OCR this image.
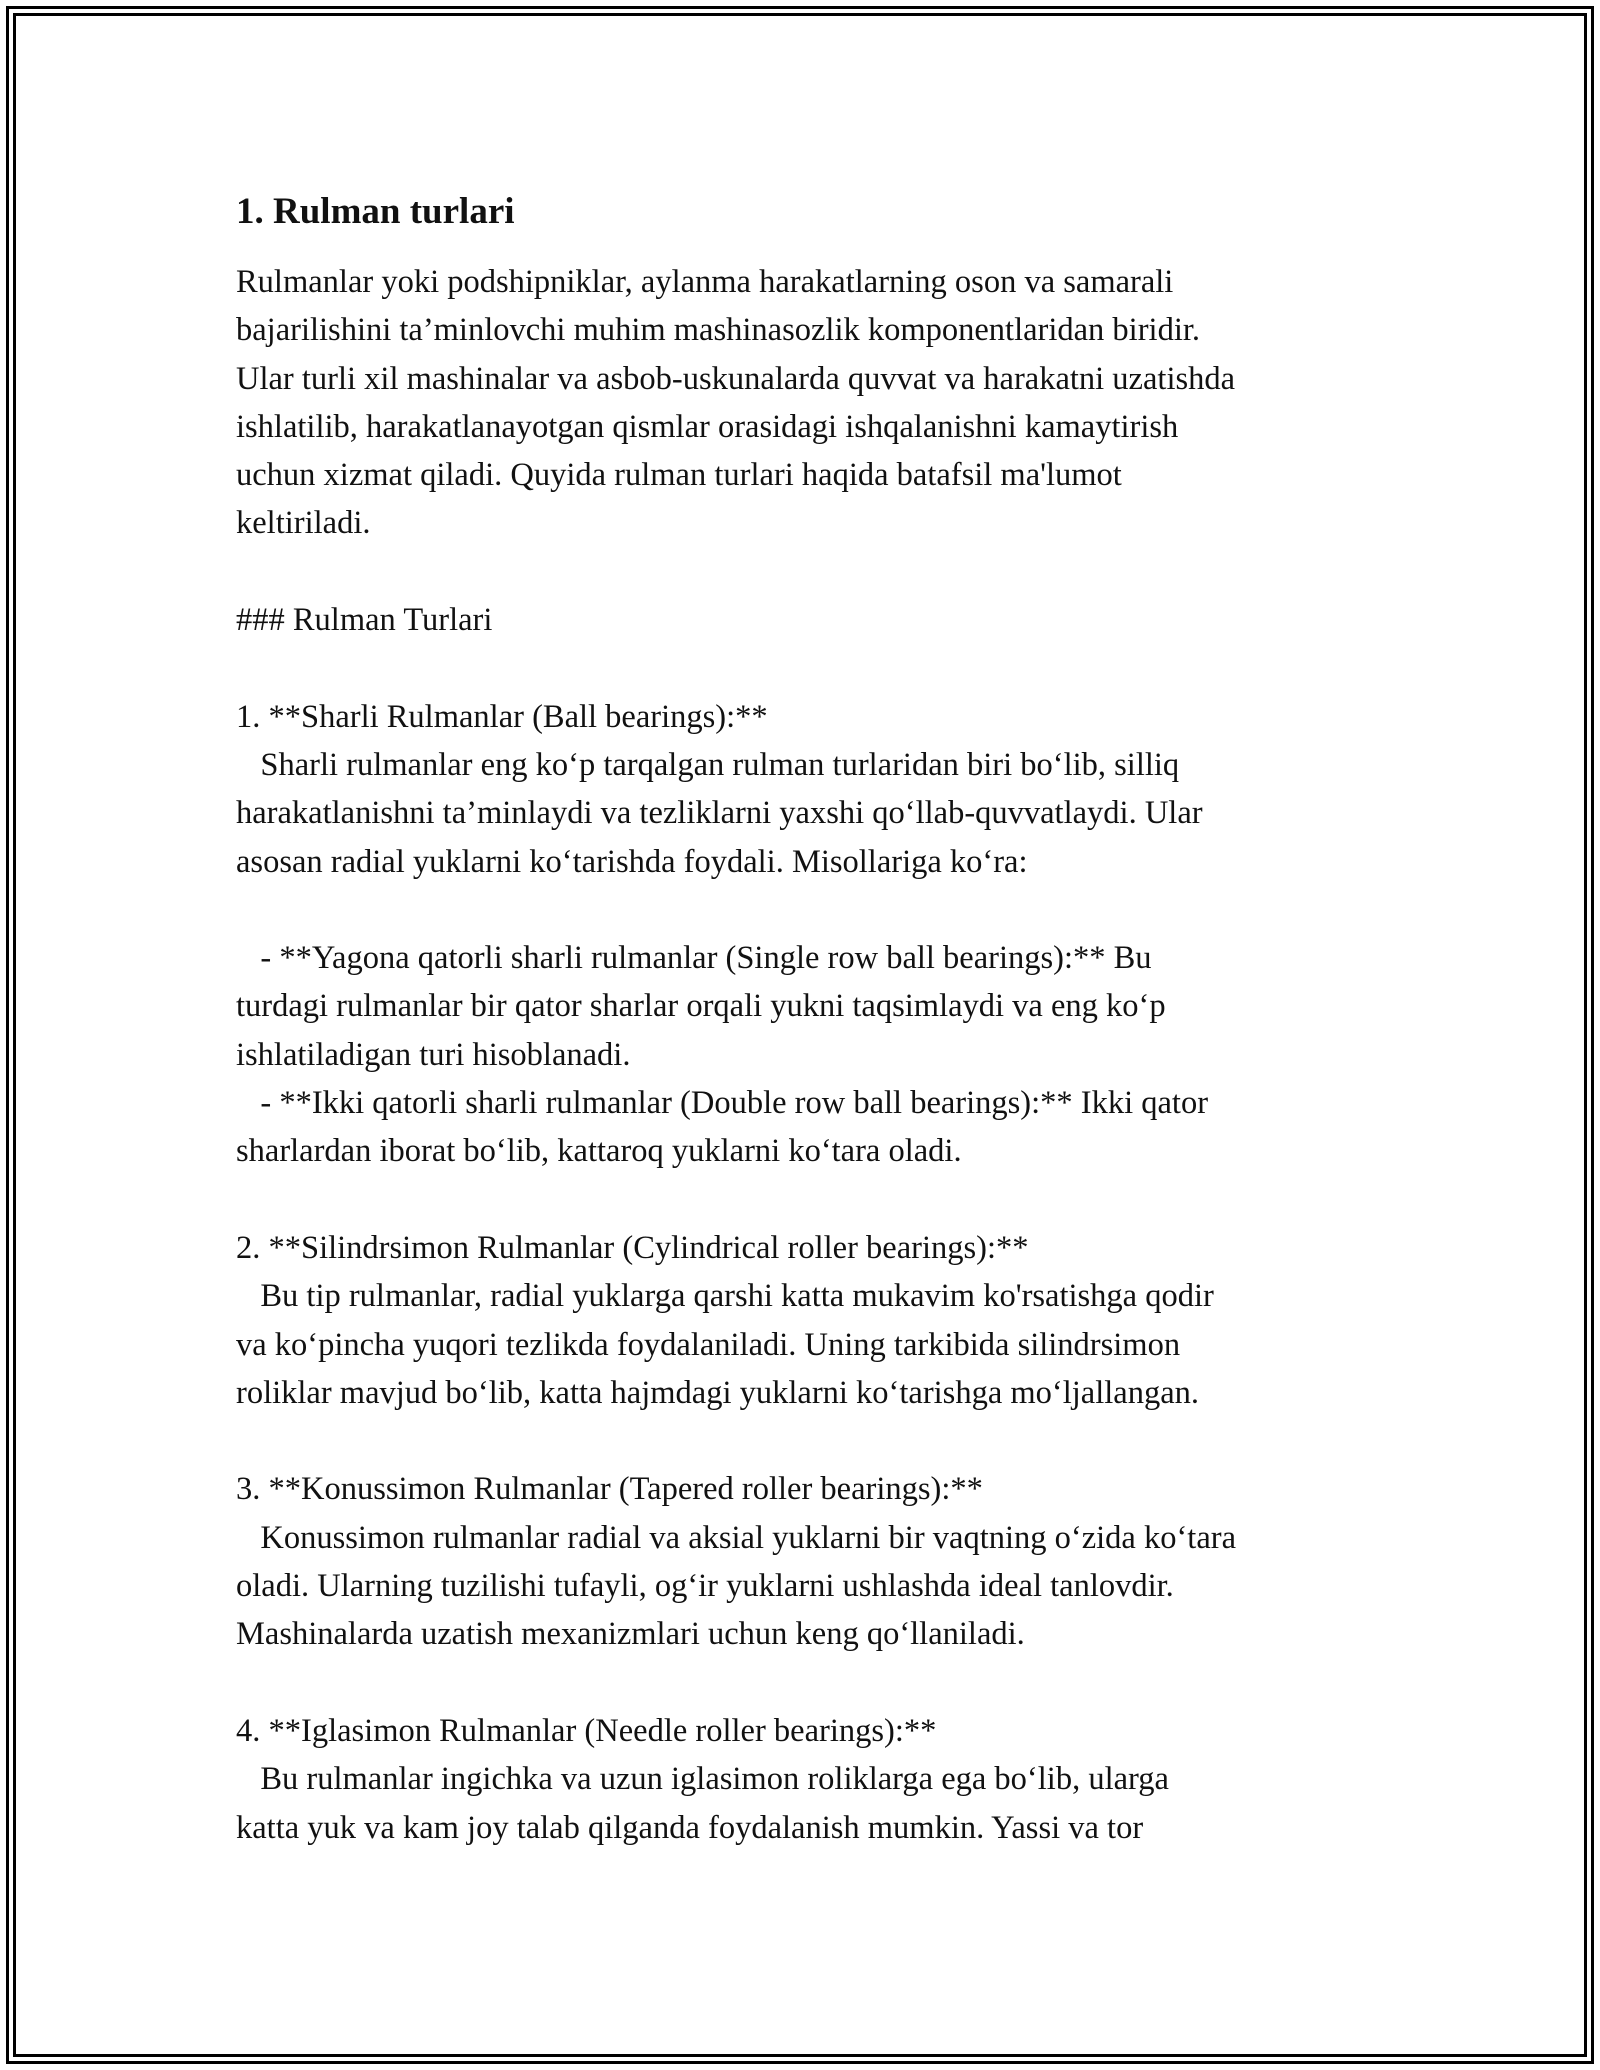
1. Rulman turlari
Rulmanlar yoki podshipniklar, aylanma harakatlarning oson va samarali
bajarilishini ta’minlovchi muhim mashinasozlik komponentlaridan biridir.
Ular turli xil mashinalar va asbob-uskunalarda quvvat va harakatni uzatishda
ishlatilib, harakatlanayotgan qismlar orasidagi ishqalanishni kamaytirish
uchun xizmat qiladi. Quyida rulman turlari haqida batafsil ma'lumot
keltiriladi.
### Rulman Turlari
1. **Sharli Rulmanlar (Ball bearings):**
Sharli rulmanlar eng koʻp tarqalgan rulman turlaridan biri boʻlib, silliq
harakatlanishni ta’minlaydi va tezliklarni yaxshi qoʻllab-quvvatlaydi. Ular
asosan radial yuklarni koʻtarishda foydali. Misollariga koʻra:
- **Yagona qatorli sharli rulmanlar (Single row ball bearings):** Bu
turdagi rulmanlar bir qator sharlar orqali yukni taqsimlaydi va eng koʻp
ishlatiladigan turi hisoblanadi.
- **Ikki qatorli sharli rulmanlar (Double row ball bearings):** Ikki qator
sharlardan iborat boʻlib, kattaroq yuklarni koʻtara oladi.
2. **Silindrsimon Rulmanlar (Cylindrical roller bearings):**
Bu tip rulmanlar, radial yuklarga qarshi katta mukavim ko'rsatishga qodir
va koʻpincha yuqori tezlikda foydalaniladi. Uning tarkibida silindrsimon
roliklar mavjud boʻlib, katta hajmdagi yuklarni koʻtarishga moʻljallangan.
3. **Konussimon Rulmanlar (Tapered roller bearings):**
Konussimon rulmanlar radial va aksial yuklarni bir vaqtning oʻzida koʻtara
oladi. Ularning tuzilishi tufayli, ogʻir yuklarni ushlashda ideal tanlovdir.
Mashinalarda uzatish mexanizmlari uchun keng qoʻllaniladi.
4. **Iglasimon Rulmanlar (Needle roller bearings):**
Bu rulmanlar ingichka va uzun iglasimon roliklarga ega boʻlib, ularga
katta yuk va kam joy talab qilganda foydalanish mumkin. Yassi va tor
